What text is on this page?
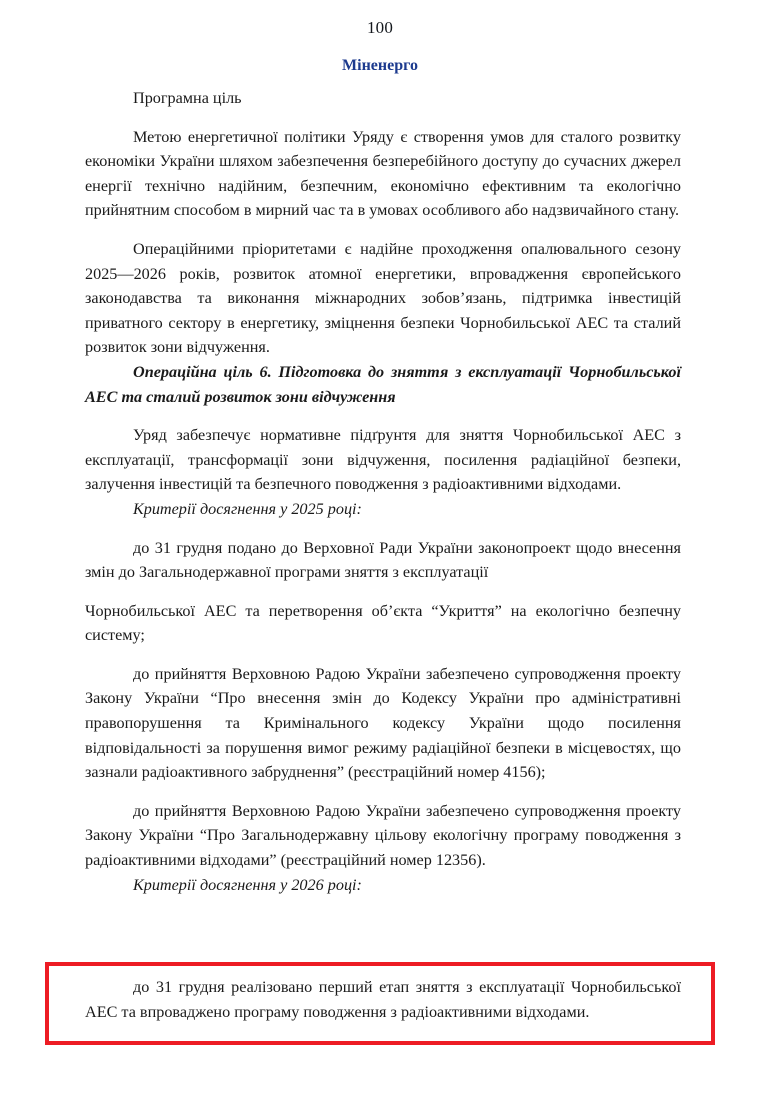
100
Міненерго

Програмна ціль

Метою енергетичної політики Уряду є створення умов для сталого розвитку економіки України шляхом забезпечення безперебійного доступу до сучасних джерел енергії технічно надійним, безпечним, економічно ефективним та екологічно прийнятним способом в мирний час та в умовах особливого або надзвичайного стану.

Операційними пріоритетами є надійне проходження опалювального сезону 2025—2026 років, розвиток атомної енергетики, впровадження європейського законодавства та виконання міжнародних зобов’язань, підтримка інвестицій приватного сектору в енергетику, зміцнення безпеки Чорнобильської АЕС та сталий розвиток зони відчуження.

Операційна ціль 6. Підготовка до зняття з експлуатації Чорнобильської АЕС та сталий розвиток зони відчуження

Уряд забезпечує нормативне підґрунтя для зняття Чорнобильської АЕС з експлуатації, трансформації зони відчуження, посилення радіаційної безпеки, залучення інвестицій та безпечного поводження з радіоактивними відходами.

Критерії досягнення у 2025 році:

до 31 грудня подано до Верховної Ради України законопроект щодо внесення змін до Загальнодержавної програми зняття з експлуатації

Чорнобильської АЕС та перетворення об’єкта “Укриття” на екологічно безпечну систему;

до прийняття Верховною Радою України забезпечено супроводження проекту Закону України “Про внесення змін до Кодексу України про адміністративні правопорушення та Кримінального кодексу України щодо посилення відповідальності за порушення вимог режиму радіаційної безпеки в місцевостях, що зазнали радіоактивного забруднення” (реєстраційний номер 4156);

до прийняття Верховною Радою України забезпечено супроводження проекту Закону України “Про Загальнодержавну цільову екологічну програму поводження з радіоактивними відходами” (реєстраційний номер 12356).

Критерії досягнення у 2026 році:

до 31 грудня реалізовано перший етап зняття з експлуатації Чорнобильської АЕС та впроваджено програму поводження з радіоактивними відходами.
